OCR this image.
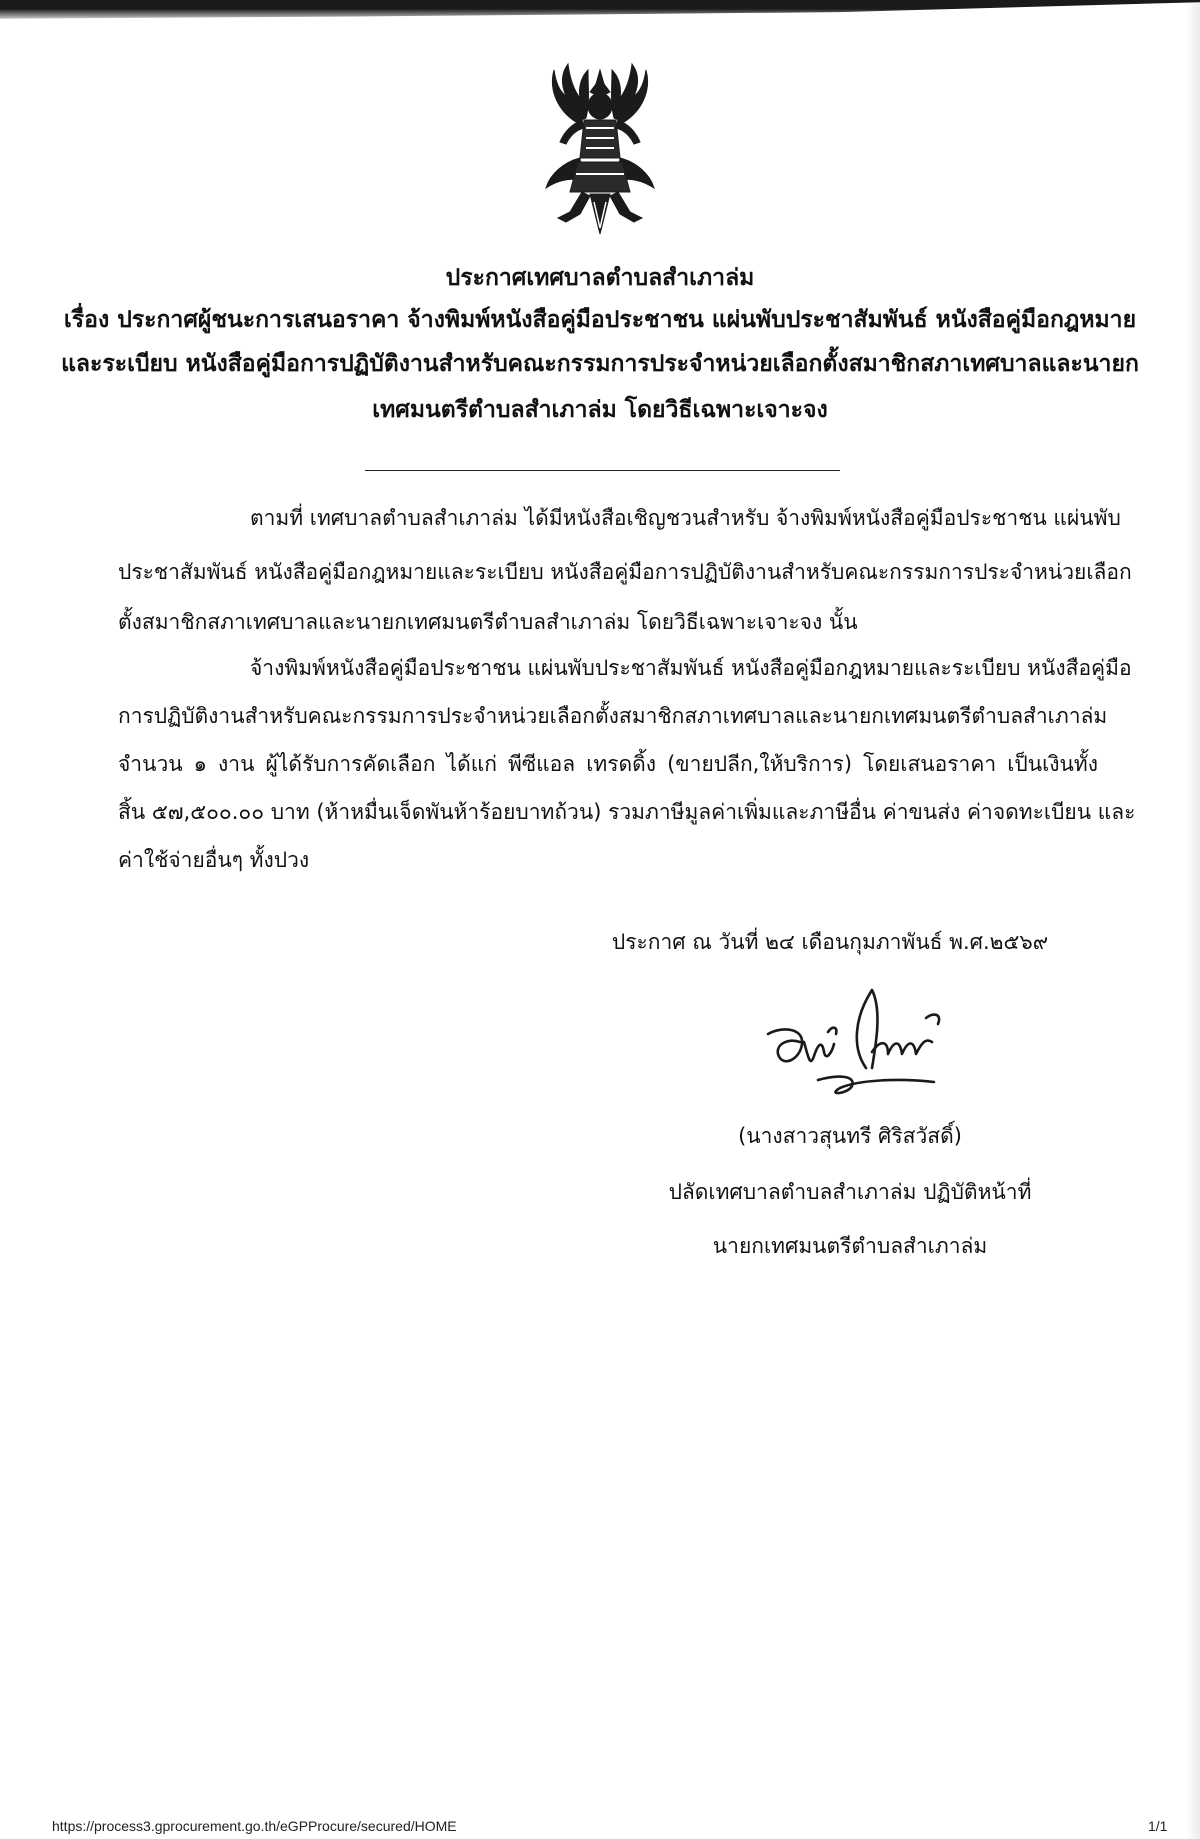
ประกาศเทศบาลตำบลสำเภาล่ม
เรื่อง ประกาศผู้ชนะการเสนอราคา จ้างพิมพ์หนังสือคู่มือประชาชน แผ่นพับประชาสัมพันธ์ หนังสือคู่มือกฎหมาย
และระเบียบ หนังสือคู่มือการปฏิบัติงานสำหรับคณะกรรมการประจำหน่วยเลือกตั้งสมาชิกสภาเทศบาลและนายก
เทศมนตรีตำบลสำเภาล่ม โดยวิธีเฉพาะเจาะจง
ตามที่ เทศบาลตำบลสำเภาล่ม ได้มีหนังสือเชิญชวนสำหรับ จ้างพิมพ์หนังสือคู่มือประชาชน แผ่นพับ
ประชาสัมพันธ์ หนังสือคู่มือกฎหมายและระเบียบ หนังสือคู่มือการปฏิบัติงานสำหรับคณะกรรมการประจำหน่วยเลือก
ตั้งสมาชิกสภาเทศบาลและนายกเทศมนตรีตำบลสำเภาล่ม โดยวิธีเฉพาะเจาะจง นั้น
จ้างพิมพ์หนังสือคู่มือประชาชน แผ่นพับประชาสัมพันธ์ หนังสือคู่มือกฎหมายและระเบียบ หนังสือคู่มือ
การปฏิบัติงานสำหรับคณะกรรมการประจำหน่วยเลือกตั้งสมาชิกสภาเทศบาลและนายกเทศมนตรีตำบลสำเภาล่ม
จำนวน ๑ งาน ผู้ได้รับการคัดเลือก ได้แก่ พีซีแอล เทรดดิ้ง (ขายปลีก,ให้บริการ) โดยเสนอราคา เป็นเงินทั้ง
สิ้น ๕๗,๕๐๐.๐๐ บาท (ห้าหมื่นเจ็ดพันห้าร้อยบาทถ้วน) รวมภาษีมูลค่าเพิ่มและภาษีอื่น ค่าขนส่ง ค่าจดทะเบียน และ
ค่าใช้จ่ายอื่นๆ ทั้งปวง
ประกาศ ณ วันที่ ๒๔ เดือนกุมภาพันธ์ พ.ศ.๒๕๖๙
(นางสาวสุนทรี ศิริสวัสดิ์)
ปลัดเทศบาลตำบลสำเภาล่ม ปฏิบัติหน้าที่
นายกเทศมนตรีตำบลสำเภาล่ม
https://process3.gprocurement.go.th/eGPProcure/secured/HOME	1/1
